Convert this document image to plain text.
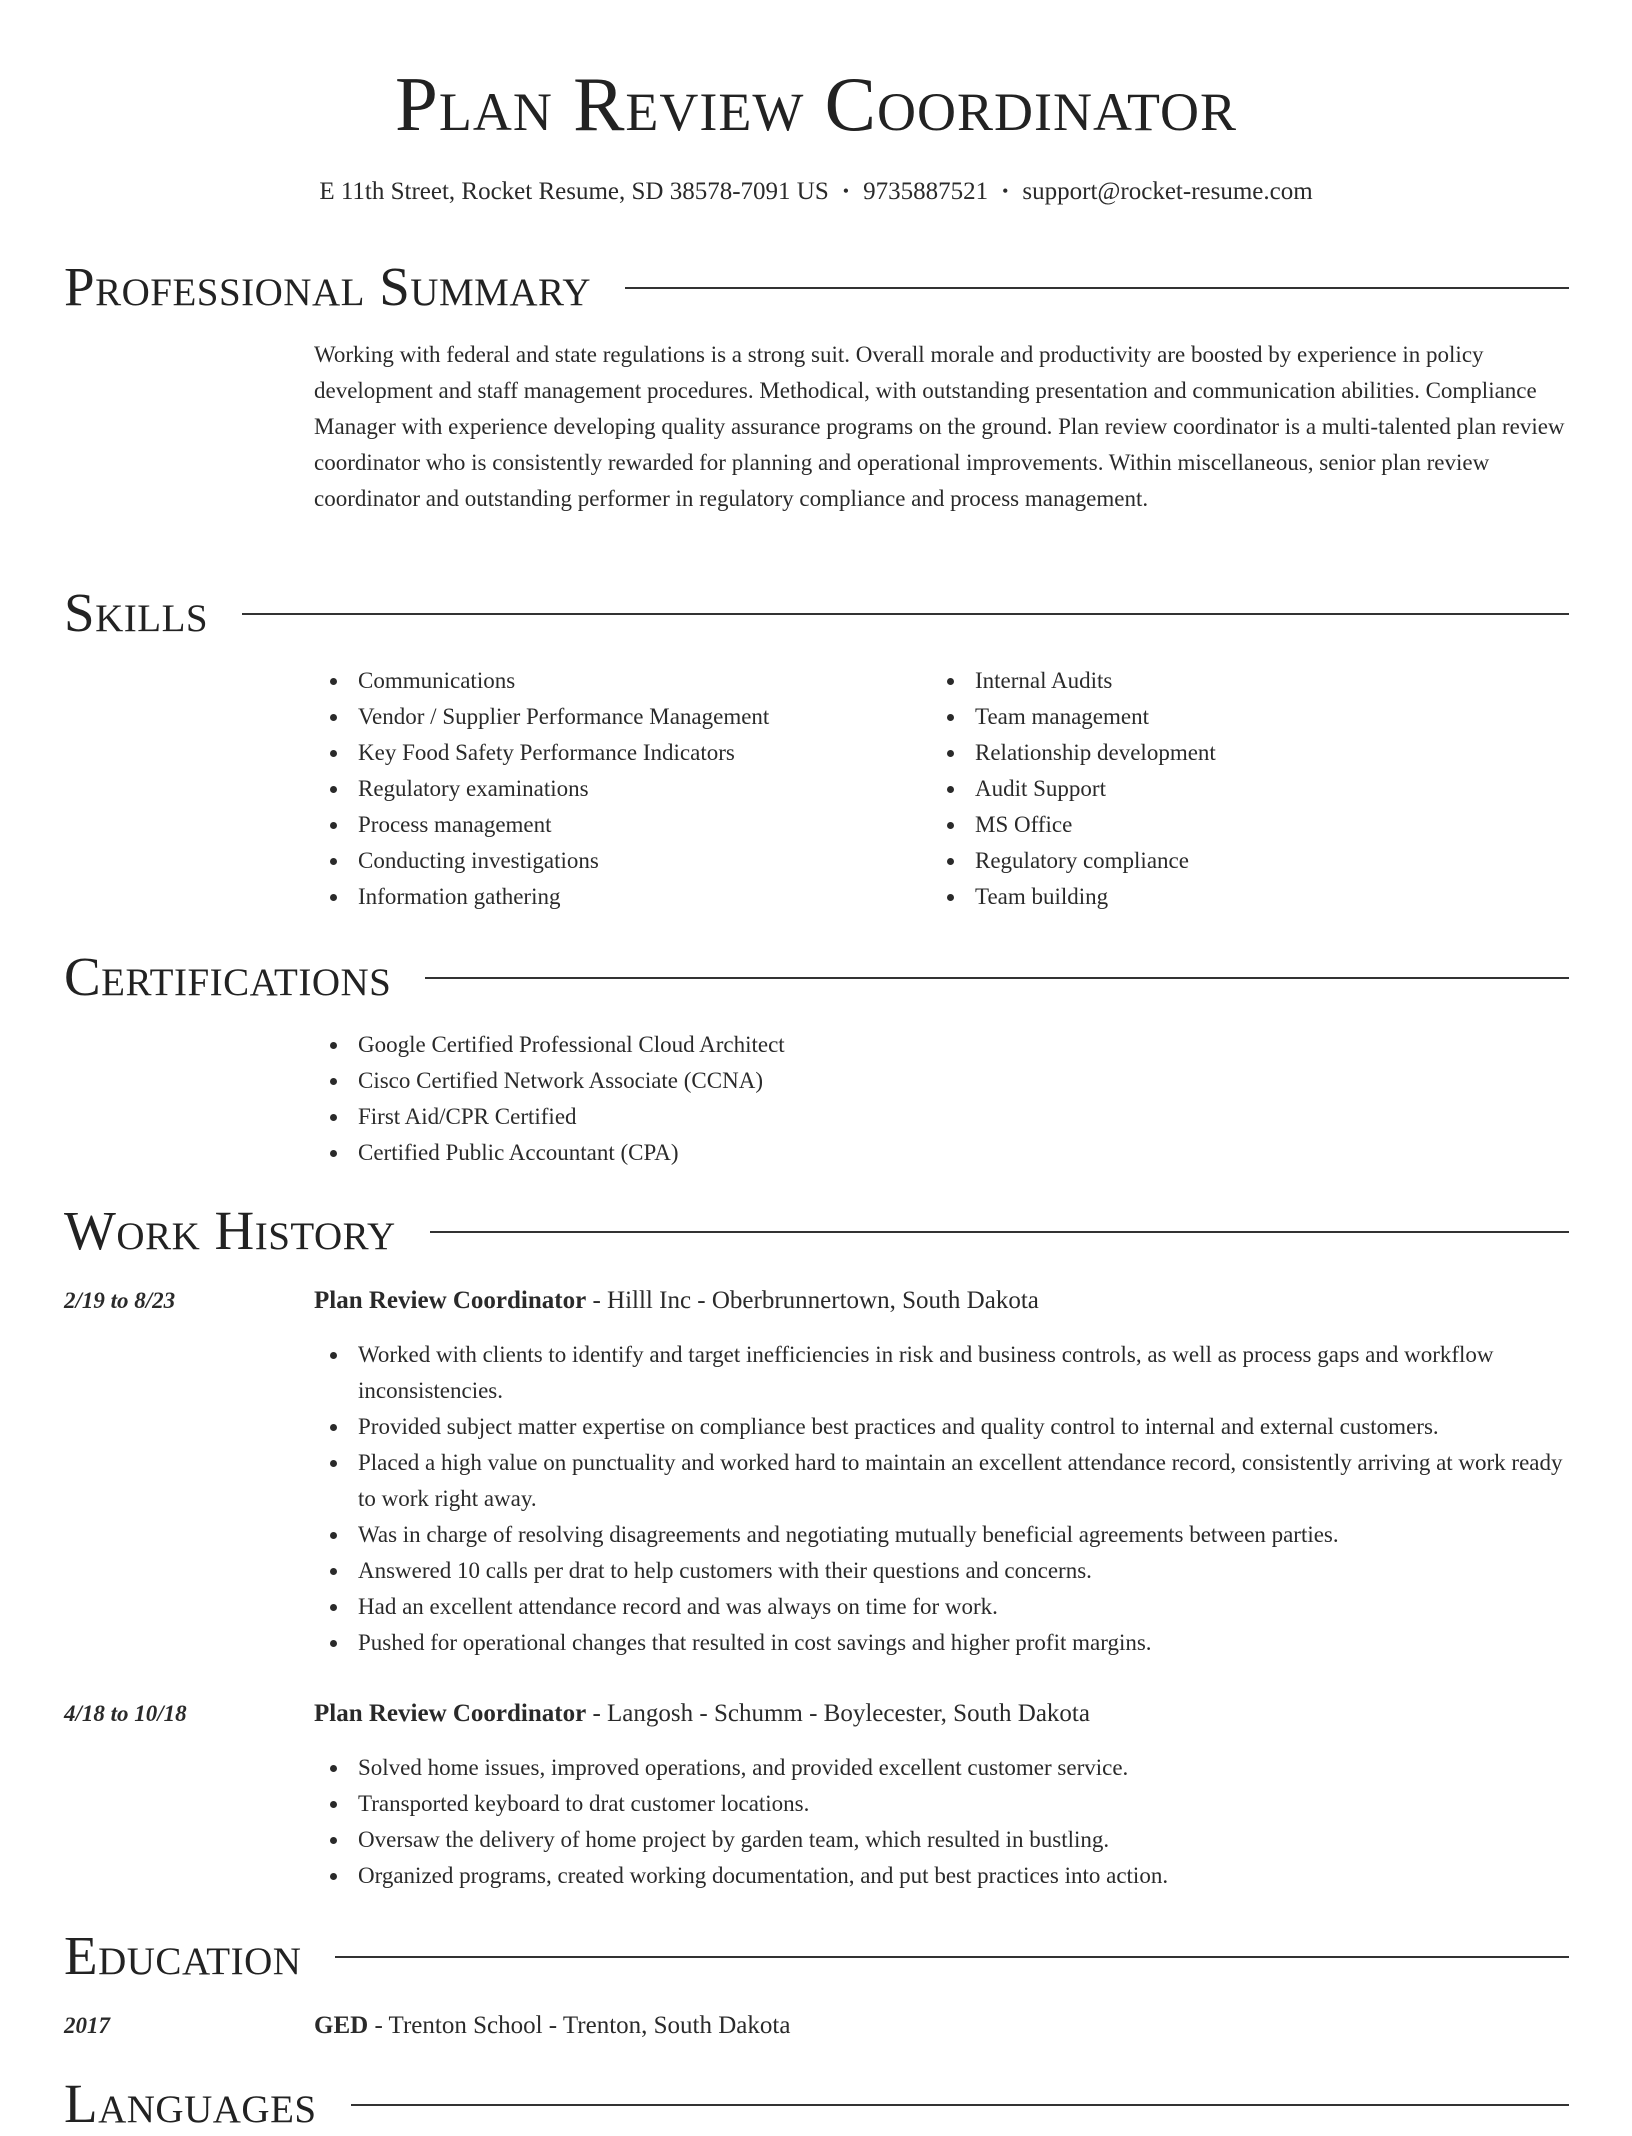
Plan Review Coordinator
E 11th Street, Rocket Resume, SD 38578-7091 US • 9735887521 • support@rocket-resume.com
Professional Summary

Working with federal and state regulations is a strong suit. Overall morale and productivity are boosted by experience in policy development and staff management procedures. Methodical, with outstanding presentation and communication abilities. Compliance Manager with experience developing quality assurance programs on the ground. Plan review coordinator is a multi-talented plan review coordinator who is consistently rewarded for planning and operational improvements. Within miscellaneous, senior plan review coordinator and outstanding performer in regulatory compliance and process management.

Skills
Communications
Vendor / Supplier Performance Management
Key Food Safety Performance Indicators
Regulatory examinations
Process management
Conducting investigations
Information gathering
Internal Audits
Team management
Relationship development
Audit Support
MS Office
Regulatory compliance
Team building
Certifications
Google Certified Professional Cloud Architect
Cisco Certified Network Associate (CCNA)
First Aid/CPR Certified
Certified Public Accountant (CPA)
Work History
2/19 to 8/23	Plan Review Coordinator - Hilll Inc - Oberbrunnertown, South Dakota
Worked with clients to identify and target inefficiencies in risk and business controls, as well as process gaps and workflow inconsistencies.
Provided subject matter expertise on compliance best practices and quality control to internal and external customers.
Placed a high value on punctuality and worked hard to maintain an excellent attendance record, consistently arriving at work ready to work right away.
Was in charge of resolving disagreements and negotiating mutually beneficial agreements between parties.
Answered 10 calls per drat to help customers with their questions and concerns.
Had an excellent attendance record and was always on time for work.
Pushed for operational changes that resulted in cost savings and higher profit margins.
4/18 to 10/18	Plan Review Coordinator - Langosh - Schumm - Boylecester, South Dakota
Solved home issues, improved operations, and provided excellent customer service.
Transported keyboard to drat customer locations.
Oversaw the delivery of home project by garden team, which resulted in bustling.
Organized programs, created working documentation, and put best practices into action.
Education
2017	GED - Trenton School - Trenton, South Dakota
Languages
